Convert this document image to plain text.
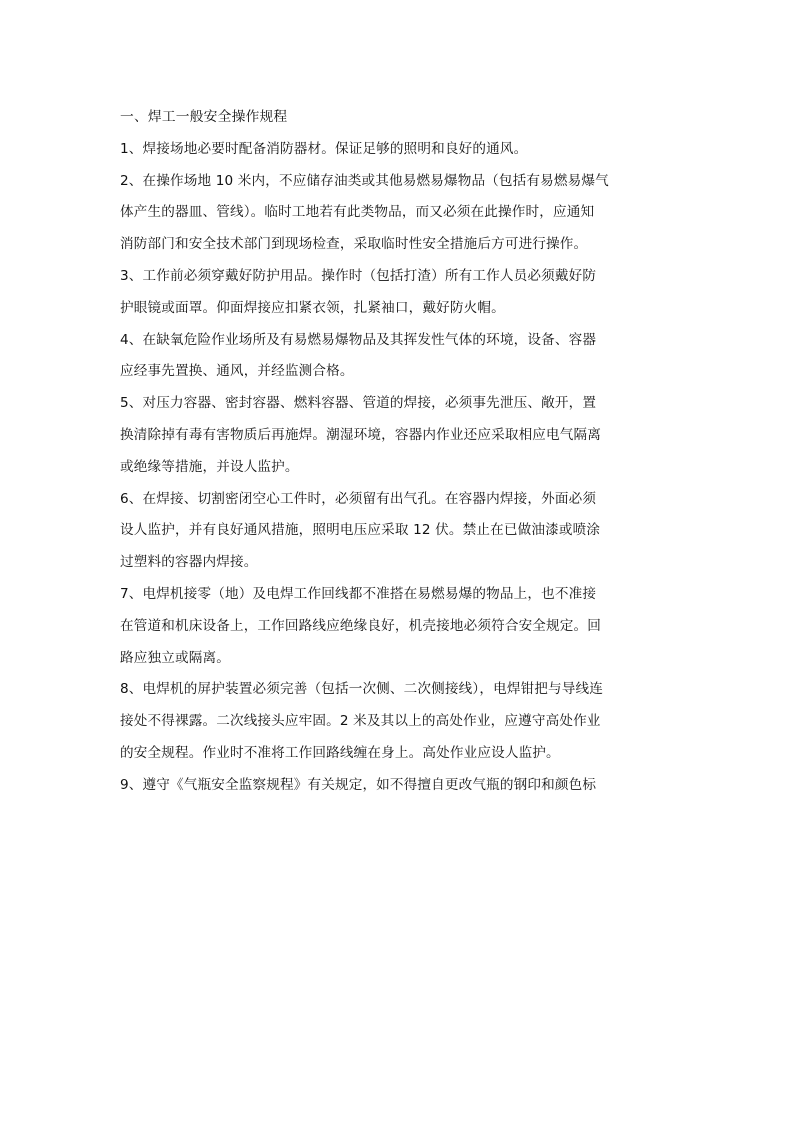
一、焊工一般安全操作规程
1、焊接场地必要时配备消防器材。保证足够的照明和良好的通风。
2、在操作场地 10 米内，不应储存油类或其他易燃易爆物品（包括有易燃易爆气
体产生的器皿、管线）。临时工地若有此类物品，而又必须在此操作时，应通知
消防部门和安全技术部门到现场检查，采取临时性安全措施后方可进行操作。
3、工作前必须穿戴好防护用品。操作时（包括打渣）所有工作人员必须戴好防
护眼镜或面罩。仰面焊接应扣紧衣领，扎紧袖口，戴好防火帽。
4、在缺氧危险作业场所及有易燃易爆物品及其挥发性气体的环境，设备、容器
应经事先置换、通风，并经监测合格。
5、对压力容器、密封容器、燃料容器、管道的焊接，必须事先泄压、敞开，置
换清除掉有毒有害物质后再施焊。潮湿环境，容器内作业还应采取相应电气隔离
或绝缘等措施，并设人监护。
6、在焊接、切割密闭空心工件时，必须留有出气孔。在容器内焊接，外面必须
设人监护，并有良好通风措施，照明电压应采取 12 伏。禁止在已做油漆或喷涂
过塑料的容器内焊接。
7、电焊机接零（地）及电焊工作回线都不准搭在易燃易爆的物品上，也不准接
在管道和机床设备上，工作回路线应绝缘良好，机壳接地必须符合安全规定。回
路应独立或隔离。
8、电焊机的屏护装置必须完善（包括一次侧、二次侧接线），电焊钳把与导线连
接处不得裸露。二次线接头应牢固。2 米及其以上的高处作业，应遵守高处作业
的安全规程。作业时不准将工作回路线缠在身上。高处作业应设人监护。
9、遵守《气瓶安全监察规程》有关规定，如不得擅自更改气瓶的钢印和颜色标
